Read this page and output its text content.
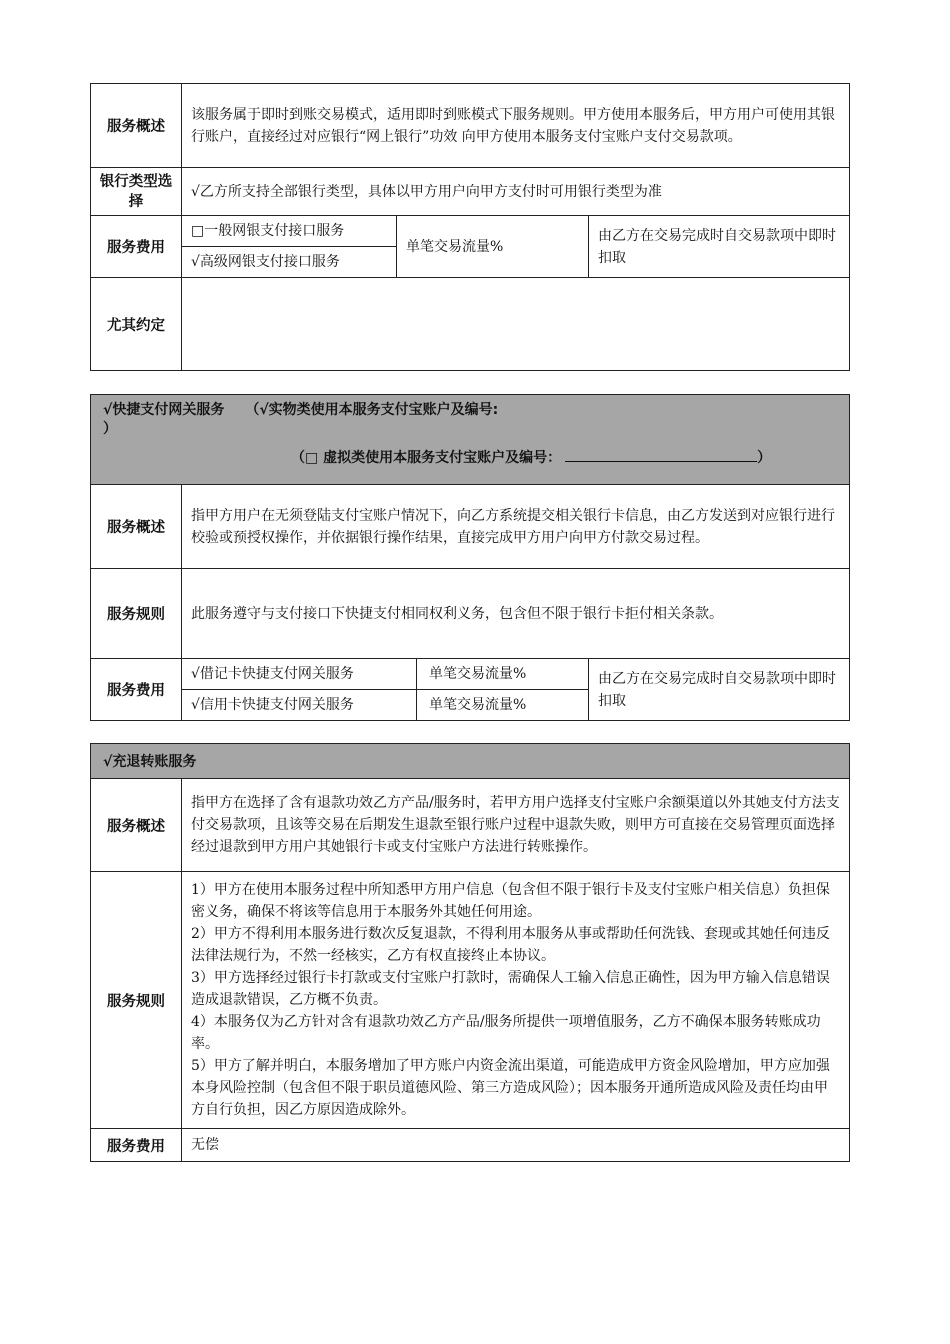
服务概述	该服务属于即时到账交易模式，适用即时到账模式下服务规则。甲方使用本服务后，甲方用户可使用其银行账户，直接经过对应银行“网上银行”功效 向甲方使用本服务支付宝账户支付交易款项。		
银行类型选择	√乙方所支持全部银行类型，具体以甲方用户向甲方支付时可用银行类型为准		
服务费用	□一般网银支付接口服务	单笔交易流量%	由乙方在交易完成时自交易款项中即时扣取
	√高级网银支付接口服务		
尤其约定			
√快捷支付网关服务　　（√实物类使用本服务支付宝账户及编号:
）
（□ 虚拟类使用本服务支付宝账户及编号： ）			

服务概述	指甲方用户在无须登陆支付宝账户情况下，向乙方系统提交相关银行卡信息，由乙方发送到对应银行进行校验或预授权操作，并依据银行操作结果，直接完成甲方用户向甲方付款交易过程。		
服务规则	此服务遵守与支付接口下快捷支付相同权利义务，包含但不限于银行卡拒付相关条款。		
服务费用	√借记卡快捷支付网关服务	单笔交易流量%	由乙方在交易完成时自交易款项中即时扣取
	√信用卡快捷支付网关服务	单笔交易流量%	
√充退转账服务	
服务概述	指甲方在选择了含有退款功效乙方产品/服务时，若甲方用户选择支付宝账户余额渠道以外其她支付方法支付交易款项，且该等交易在后期发生退款至银行账户过程中退款失败，则甲方可直接在交易管理页面选择经过退款到甲方用户其她银行卡或支付宝账户方法进行转账操作。
服务规则	1）甲方在使用本服务过程中所知悉甲方用户信息（包含但不限于银行卡及支付宝账户相关信息）负担保密义务，确保不将该等信息用于本服务外其她任何用途。
2）甲方不得利用本服务进行数次反复退款，不得利用本服务从事或帮助任何洗钱、套现或其她任何违反法律法规行为，不然一经核实，乙方有权直接终止本协议。
3）甲方选择经过银行卡打款或支付宝账户打款时，需确保人工输入信息正确性，因为甲方输入信息错误造成退款错误，乙方概不负责。
4）本服务仅为乙方针对含有退款功效乙方产品/服务所提供一项增值服务，乙方不确保本服务转账成功率。
5）甲方了解并明白，本服务增加了甲方账户内资金流出渠道，可能造成甲方资金风险增加，甲方应加强本身风险控制（包含但不限于职员道德风险、第三方造成风险）；因本服务开通所造成风险及责任均由甲方自行负担，因乙方原因造成除外。

服务费用	无偿
